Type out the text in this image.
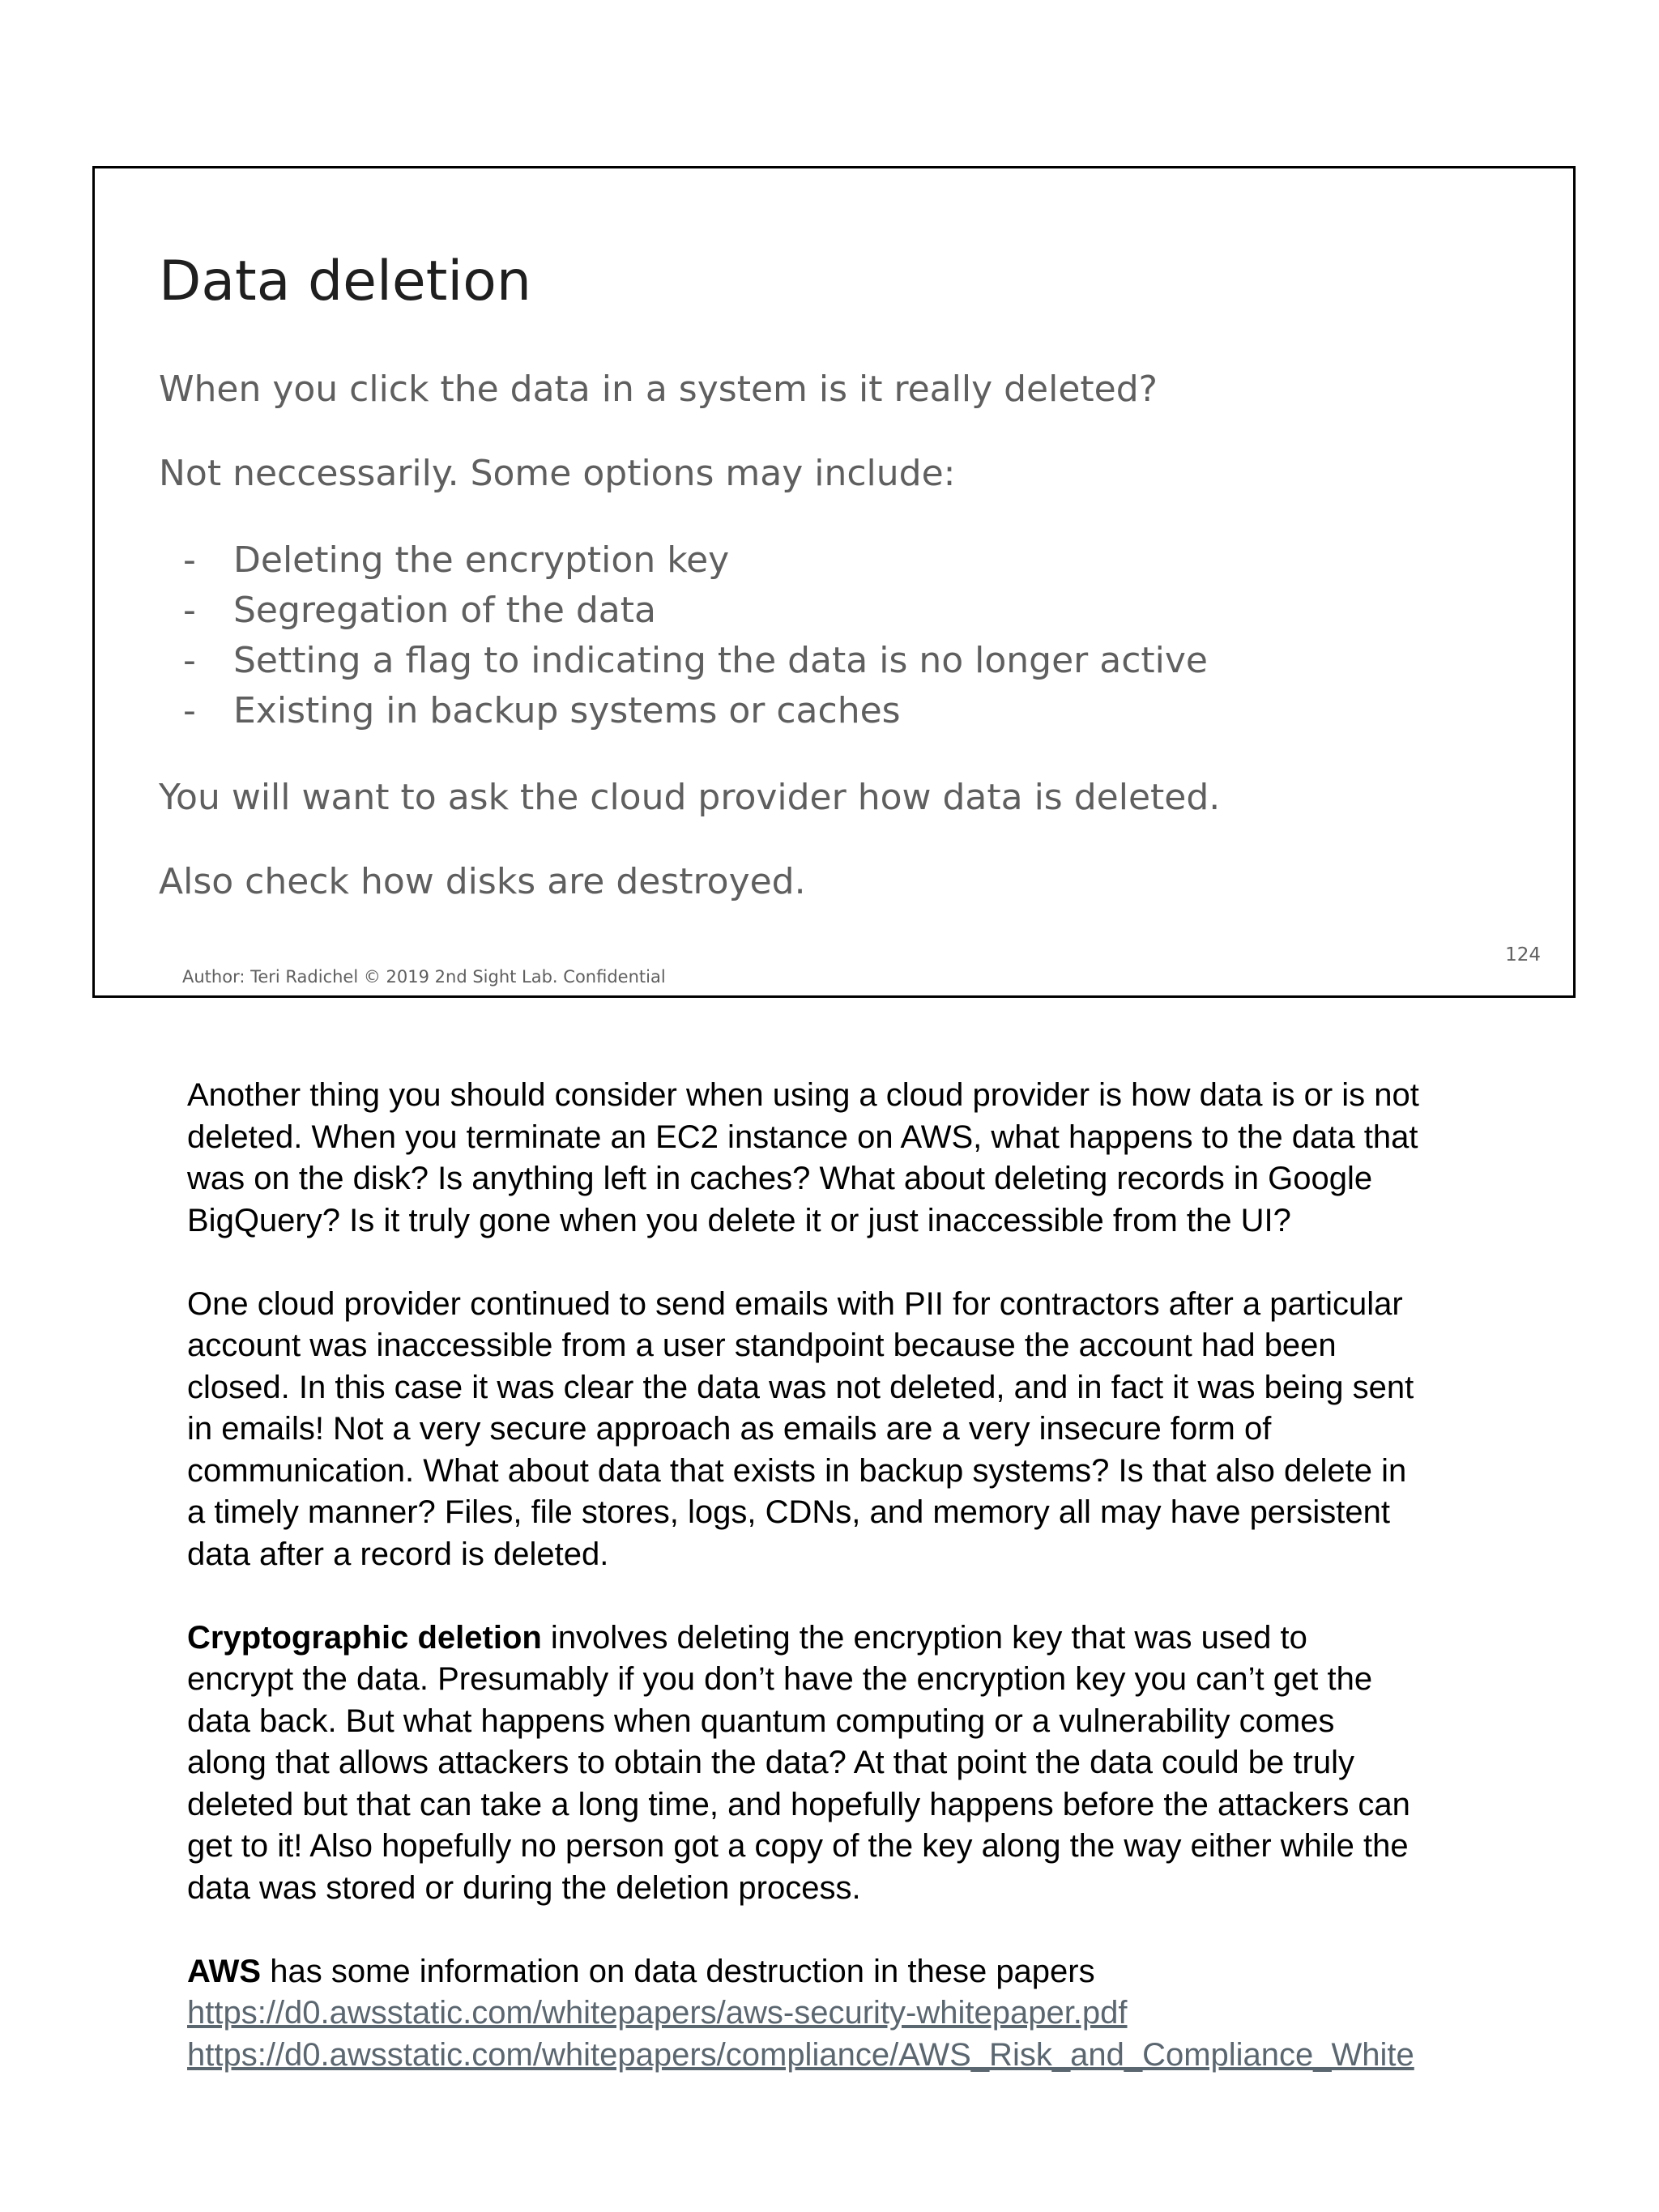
Data deletion

When you click the data in a system is it really deleted?

Not neccessarily. Some options may include:

- Deleting the encryption key
- Segregation of the data
- Setting a flag to indicating the data is no longer active
- Existing in backup systems or caches

You will want to ask the cloud provider how data is deleted.

Also check how disks are destroyed.

124
Author: Teri Radichel © 2019 2nd Sight Lab. Confidential

Another thing you should consider when using a cloud provider is how data is or is not
deleted. When you terminate an EC2 instance on AWS, what happens to the data that
was on the disk? Is anything left in caches? What about deleting records in Google
BigQuery? Is it truly gone when you delete it or just inaccessible from the UI?

One cloud provider continued to send emails with PII for contractors after a particular
account was inaccessible from a user standpoint because the account had been
closed. In this case it was clear the data was not deleted, and in fact it was being sent
in emails! Not a very secure approach as emails are a very insecure form of
communication. What about data that exists in backup systems? Is that also delete in
a timely manner? Files, file stores, logs, CDNs, and memory all may have persistent
data after a record is deleted.

Cryptographic deletion involves deleting the encryption key that was used to
encrypt the data. Presumably if you don’t have the encryption key you can’t get the
data back. But what happens when quantum computing or a vulnerability comes
along that allows attackers to obtain the data? At that point the data could be truly
deleted but that can take a long time, and hopefully happens before the attackers can
get to it! Also hopefully no person got a copy of the key along the way either while the
data was stored or during the deletion process.

AWS has some information on data destruction in these papers
https://d0.awsstatic.com/whitepapers/aws-security-whitepaper.pdf
https://d0.awsstatic.com/whitepapers/compliance/AWS_Risk_and_Compliance_White
